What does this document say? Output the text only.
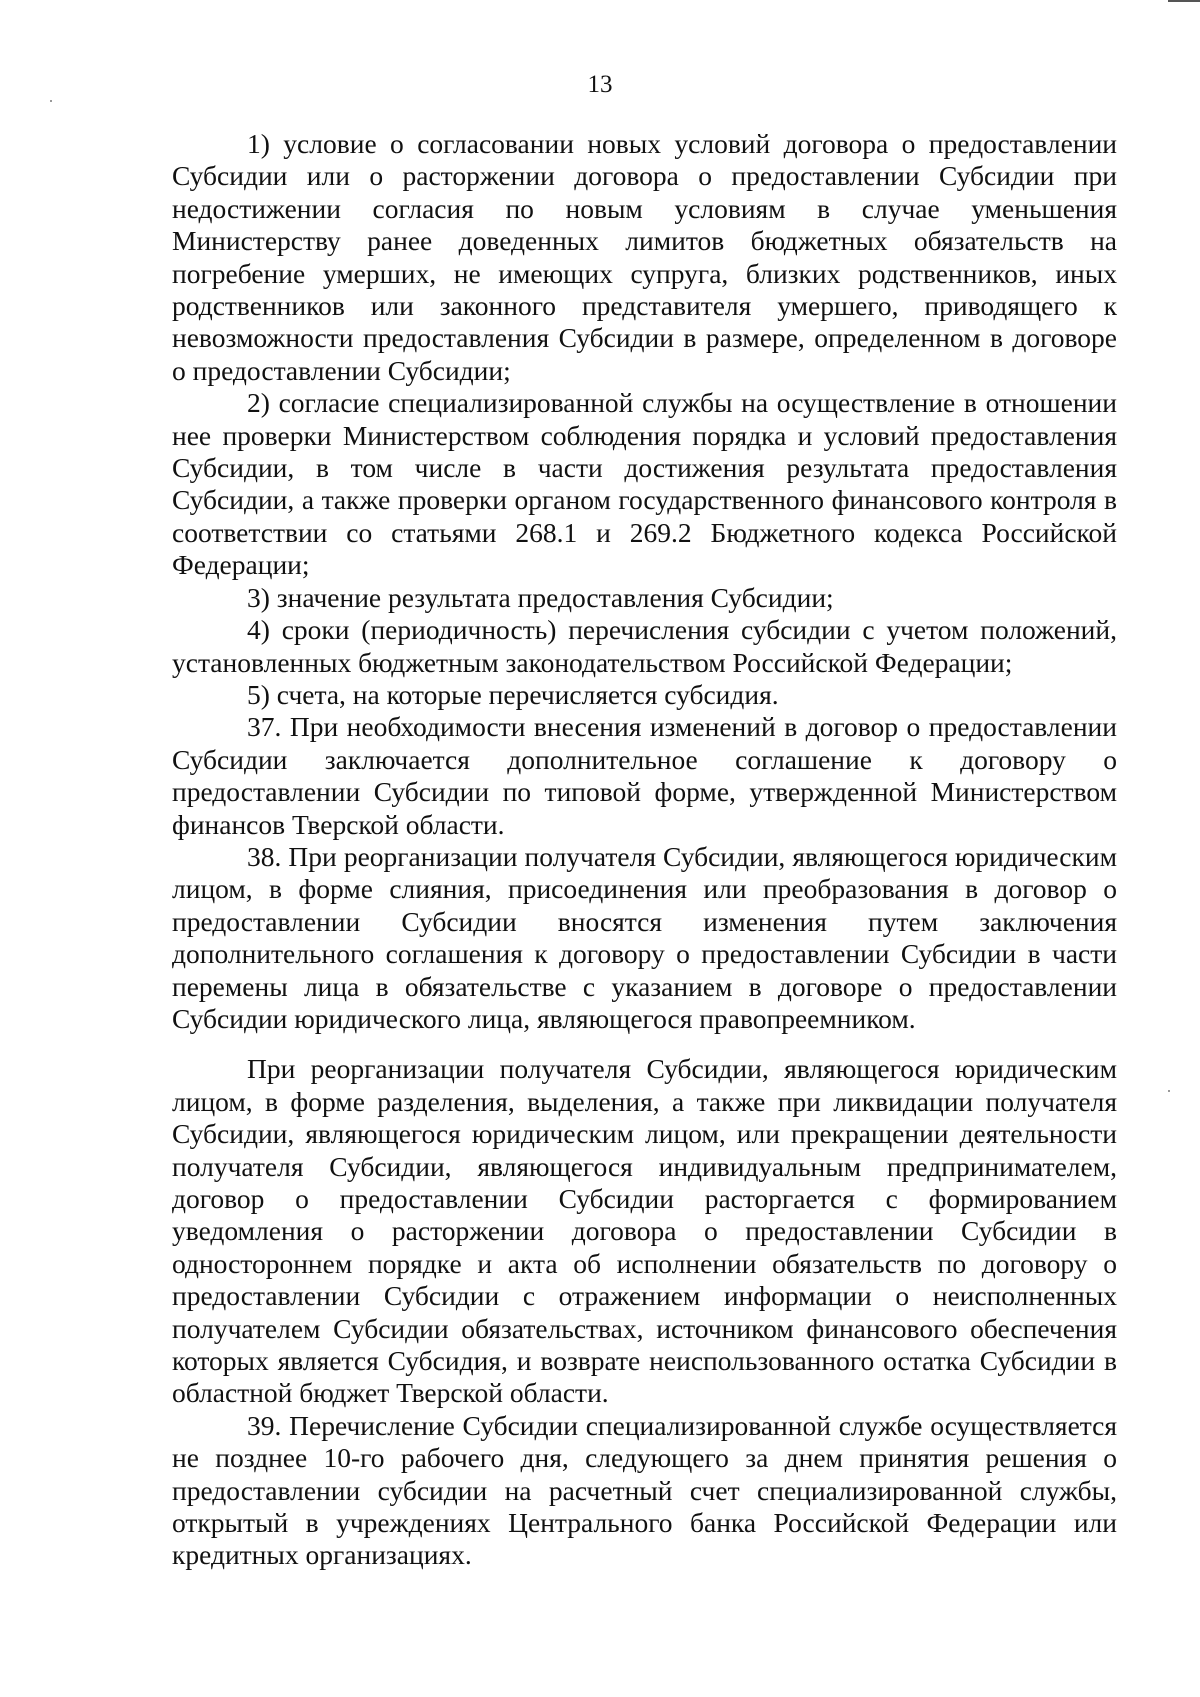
13

1) условие о согласовании новых условий договора о предоставлении Субсидии или о расторжении договора о предоставлении Субсидии при недостижении согласия по новым условиям в случае уменьшения Министерству ранее доведенных лимитов бюджетных обязательств на погребение умерших, не имеющих супруга, близких родственников, иных родственников или законного представителя умершего, приводящего к невозможности предоставления Субсидии в размере, определенном в договоре о предоставлении Субсидии;

2) согласие специализированной службы на осуществление в отношении нее проверки Министерством соблюдения порядка и условий предоставления Субсидии, в том числе в части достижения результата предоставления Субсидии, а также проверки органом государственного финансового контроля в соответствии со статьями 268.1 и 269.2 Бюджетного кодекса Российской Федерации;

3) значение результата предоставления Субсидии;

4) сроки (периодичность) перечисления субсидии с учетом положений, установленных бюджетным законодательством Российской Федерации;

5) счета, на которые перечисляется субсидия.

37. При необходимости внесения изменений в договор о предоставлении Субсидии заключается дополнительное соглашение к договору о предоставлении Субсидии по типовой форме, утвержденной Министерством финансов Тверской области.

38. При реорганизации получателя Субсидии, являющегося юридическим лицом, в форме слияния, присоединения или преобразования в договор о предоставлении Субсидии вносятся изменения путем заключения дополнительного соглашения к договору о предоставлении Субсидии в части перемены лица в обязательстве с указанием в договоре о предоставлении Субсидии юридического лица, являющегося правопреемником.

При реорганизации получателя Субсидии, являющегося юридическим лицом, в форме разделения, выделения, а также при ликвидации получателя Субсидии, являющегося юридическим лицом, или прекращении деятельности получателя Субсидии, являющегося индивидуальным предпринимателем, договор о предоставлении Субсидии расторгается с формированием уведомления о расторжении договора о предоставлении Субсидии в одностороннем порядке и акта об исполнении обязательств по договору о предоставлении Субсидии с отражением информации о неисполненных получателем Субсидии обязательствах, источником финансового обеспечения которых является Субсидия, и возврате неиспользованного остатка Субсидии в областной бюджет Тверской области.

39. Перечисление Субсидии специализированной службе осуществляется не позднее 10-го рабочего дня, следующего за днем принятия решения о предоставлении субсидии на расчетный счет специализированной службы, открытый в учреждениях Центрального банка Российской Федерации или кредитных организациях.
